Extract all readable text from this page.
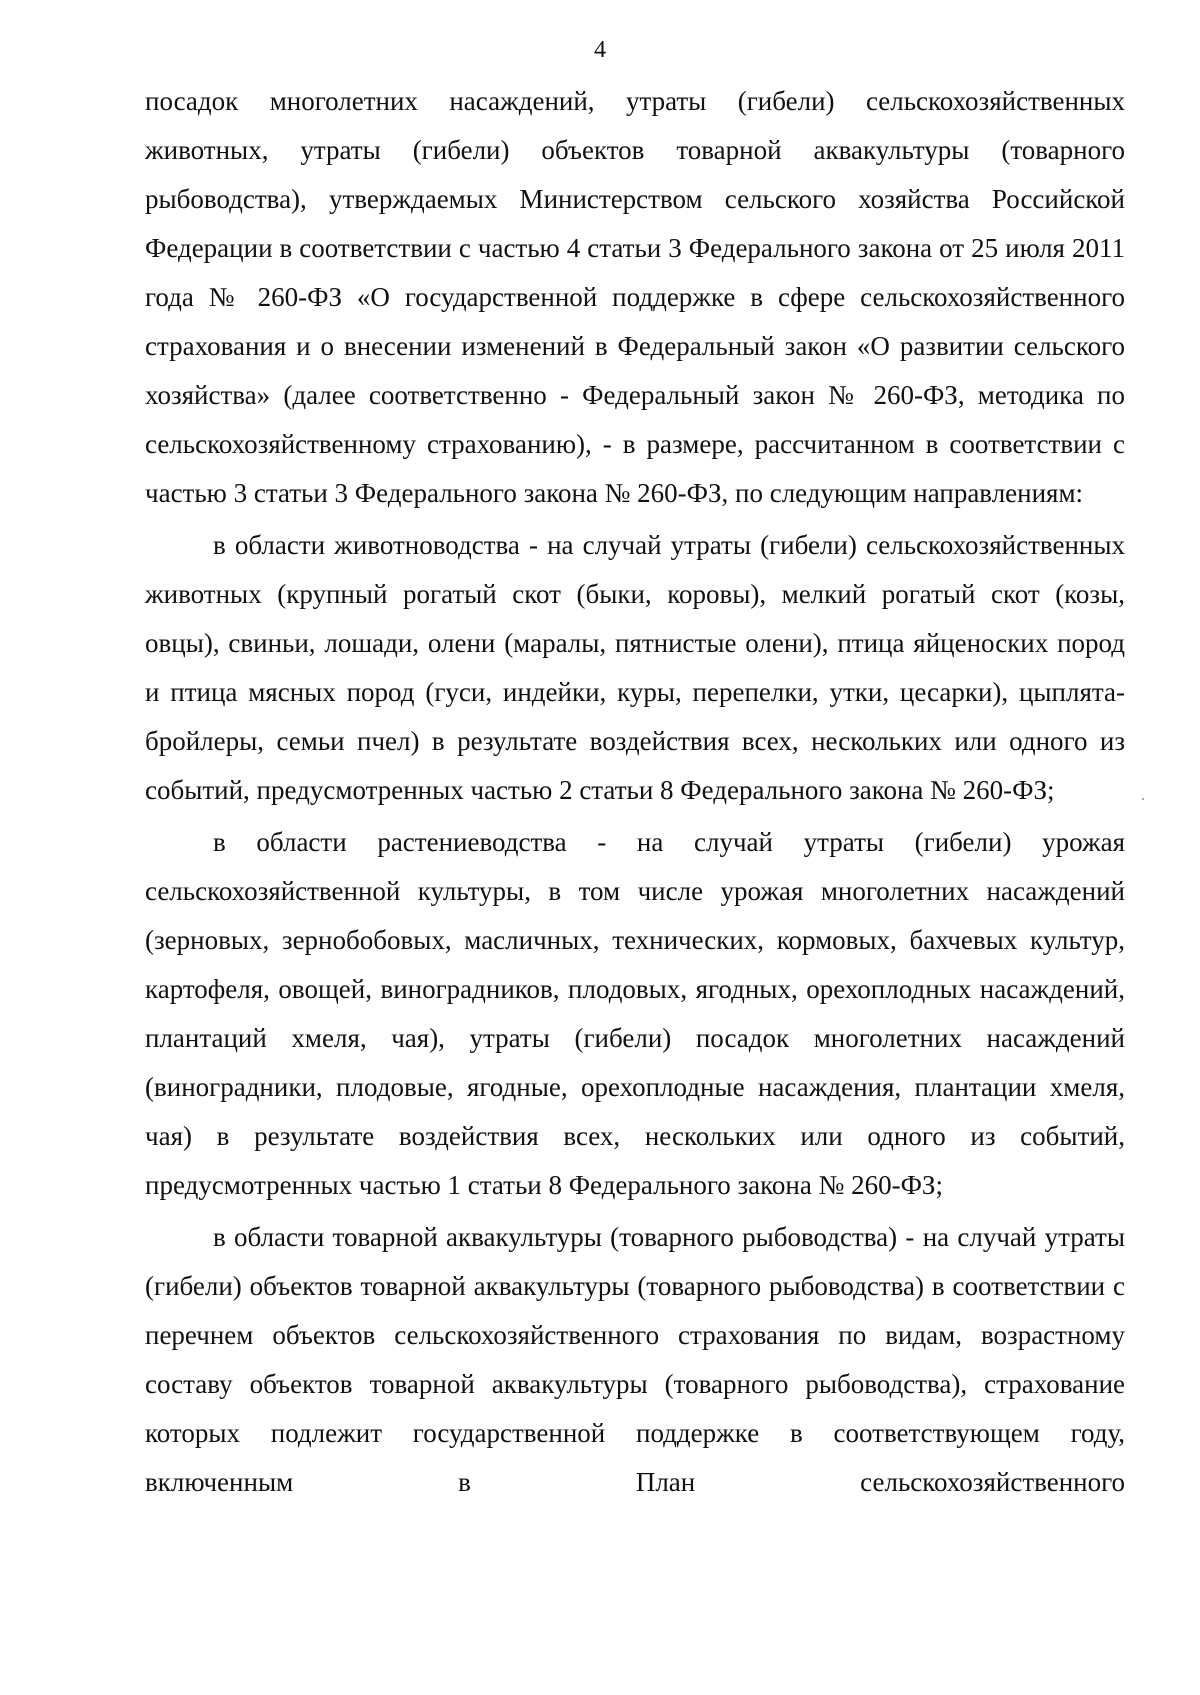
4

посадок многолетних насаждений, утраты (гибели) сельскохозяйственных животных, утраты (гибели) объектов товарной аквакультуры (товарного рыбоводства), утверждаемых Министерством сельского хозяйства Российской Федерации в соответствии с частью 4 статьи 3 Федерального закона от 25 июля 2011 года № 260-ФЗ «О государственной поддержке в сфере сельскохозяйственного страхования и о внесении изменений в Федеральный закон «О развитии сельского хозяйства» (далее соответственно - Федеральный закон № 260-ФЗ, методика по сельскохозяйственному страхованию), - в размере, рассчитанном в соответствии с частью 3 статьи 3 Федерального закона № 260-ФЗ, по следующим направлениям:

в области животноводства - на случай утраты (гибели) сельскохозяйственных животных (крупный рогатый скот (быки, коровы), мелкий рогатый скот (козы, овцы), свиньи, лошади, олени (маралы, пятнистые олени), птица яйценоских пород и птица мясных пород (гуси, индейки, куры, перепелки, утки, цесарки), цыплята-бройлеры, семьи пчел) в результате воздействия всех, нескольких или одного из событий, предусмотренных частью 2 статьи 8 Федерального закона № 260-ФЗ;

в области растениеводства - на случай утраты (гибели) урожая сельскохозяйственной культуры, в том числе урожая многолетних насаждений (зерновых, зернобобовых, масличных, технических, кормовых, бахчевых культур, картофеля, овощей, виноградников, плодовых, ягодных, орехоплодных насаждений, плантаций хмеля, чая), утраты (гибели) посадок многолетних насаждений (виноградники, плодовые, ягодные, орехоплодные насаждения, плантации хмеля, чая) в результате воздействия всех, нескольких или одного из событий, предусмотренных частью 1 статьи 8 Федерального закона № 260-ФЗ;

в области товарной аквакультуры (товарного рыбоводства) - на случай утраты (гибели) объектов товарной аквакультуры (товарного рыбоводства) в соответствии с перечнем объектов сельскохозяйственного страхования по видам, возрастному составу объектов товарной аквакультуры (товарного рыбоводства), страхование которых подлежит государственной поддержке в соответствующем году, включенным в План сельскохозяйственного
